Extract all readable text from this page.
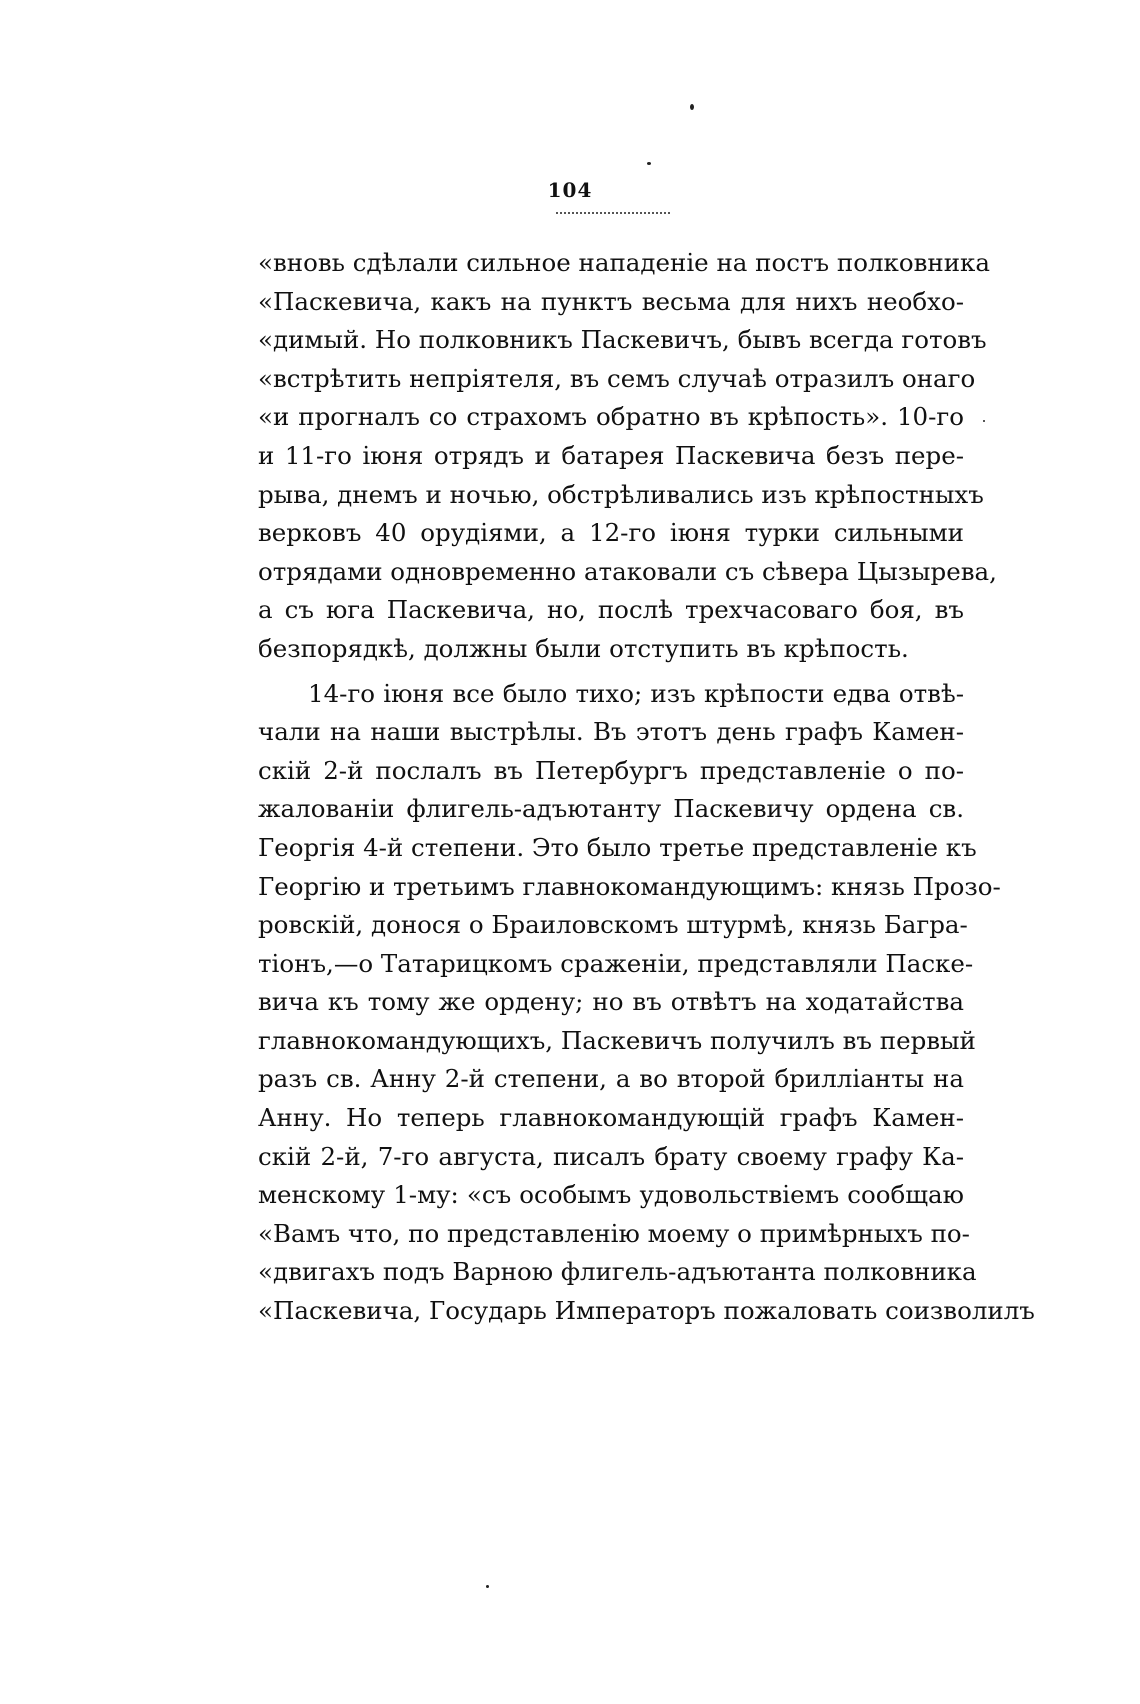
104
«вновь сдѣлали сильное нападеніе на постъ полковника
«Паскевича, какъ на пунктъ весьма для нихъ необхо-
«димый. Но полковникъ Паскевичъ, бывъ всегда готовъ
«встрѣтить непріятеля, въ семъ случаѣ отразилъ онаго
«и прогналъ со страхомъ обратно въ крѣпость». 10-го
и 11-го іюня отрядъ и батарея Паскевича безъ пере-
рыва, днемъ и ночью, обстрѣливались изъ крѣпостныхъ
верковъ 40 орудіями, а 12-го іюня турки сильными
отрядами одновременно атаковали съ сѣвера Цызырева,
а съ юга Паскевича, но, послѣ трехчасоваго боя, въ
безпорядкѣ, должны были отступить въ крѣпость.
14-го іюня все было тихо; изъ крѣпости едва отвѣ-
чали на наши выстрѣлы. Въ этотъ день графъ Камен-
скій 2-й послалъ въ Петербургъ представленіе о по-
жалованіи флигель-адъютанту Паскевичу ордена св.
Георгія 4-й степени. Это было третье представленіе къ
Георгію и третьимъ главнокомандующимъ: князь Прозо-
ровскій, донося о Браиловскомъ штурмѣ, князь Багра-
тіонъ,—о Татарицкомъ сраженіи, представляли Паске-
вича къ тому же ордену; но въ отвѣтъ на ходатайства
главнокомандующихъ, Паскевичъ получилъ въ первый
разъ св. Анну 2-й степени, а во второй брилліанты на
Анну. Но теперь главнокомандующій графъ Камен-
скій 2-й, 7-го августа, писалъ брату своему графу Ка-
менскому 1-му: «съ особымъ удовольствіемъ сообщаю
«Вамъ что, по представленію моему о примѣрныхъ по-
«двигахъ подъ Варною флигель-адъютанта полковника
«Паскевича, Государь Императоръ пожаловать соизволилъ
